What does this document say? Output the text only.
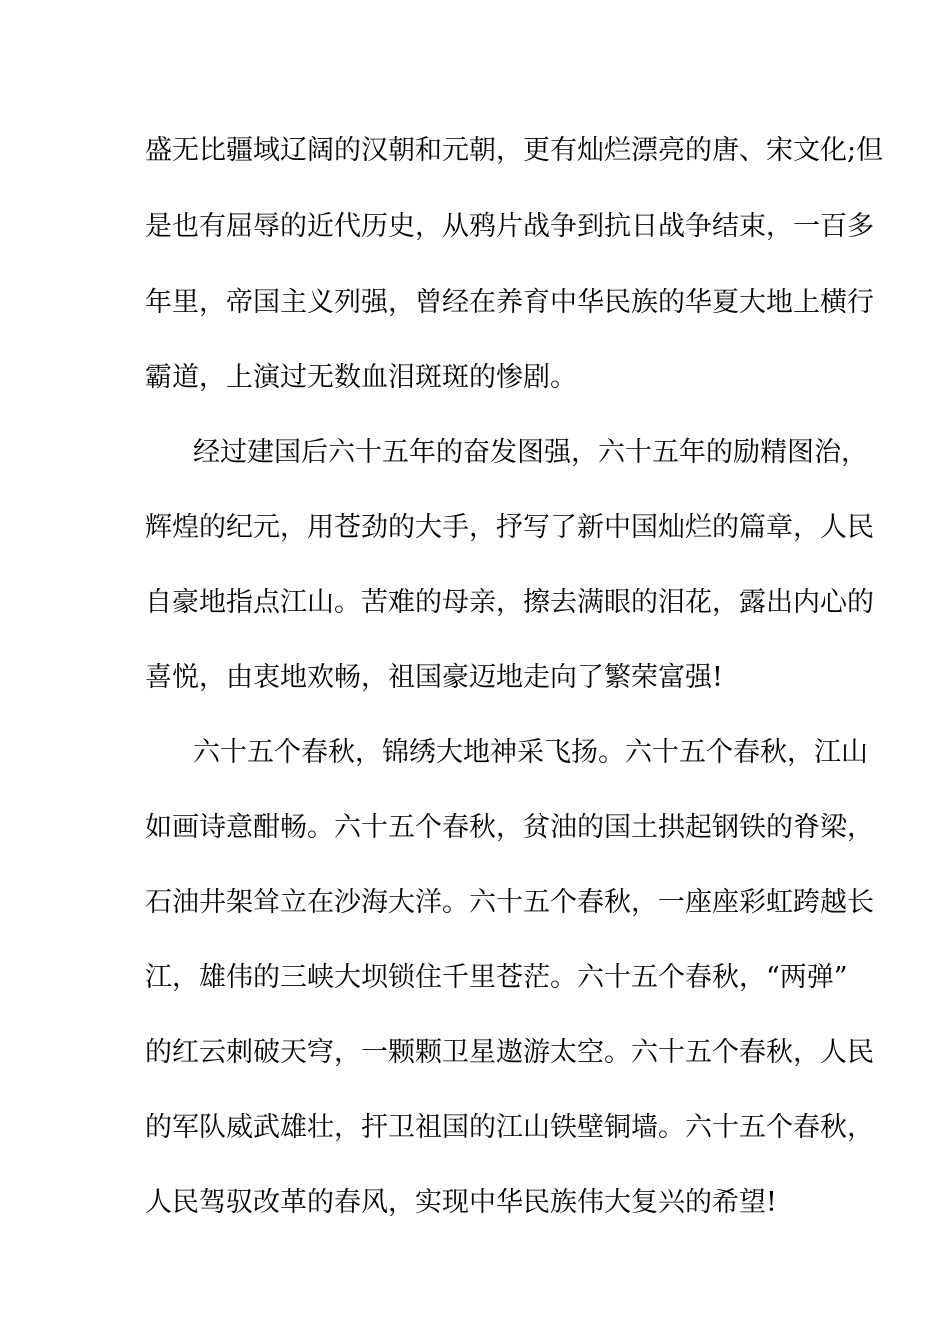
盛无比疆域辽阔的汉朝和元朝，更有灿烂漂亮的唐、宋文化;但
是也有屈辱的近代历史，从鸦片战争到抗日战争结束，一百多
年里，帝国主义列强，曾经在养育中华民族的华夏大地上横行
霸道，上演过无数血泪斑斑的惨剧。
经过建国后六十五年的奋发图强，六十五年的励精图治，
辉煌的纪元，用苍劲的大手，抒写了新中国灿烂的篇章，人民
自豪地指点江山。苦难的母亲，擦去满眼的泪花，露出内心的
喜悦，由衷地欢畅，祖国豪迈地走向了繁荣富强!
六十五个春秋，锦绣大地神采飞扬。六十五个春秋，江山
如画诗意酣畅。六十五个春秋，贫油的国土拱起钢铁的脊梁，
石油井架耸立在沙海大洋。六十五个春秋，一座座彩虹跨越长
江，雄伟的三峡大坝锁住千里苍茫。六十五个春秋，“两弹”
的红云刺破天穹，一颗颗卫星遨游太空。六十五个春秋，人民
的军队威武雄壮，扞卫祖国的江山铁壁铜墙。六十五个春秋，
人民驾驭改革的春风，实现中华民族伟大复兴的希望!
